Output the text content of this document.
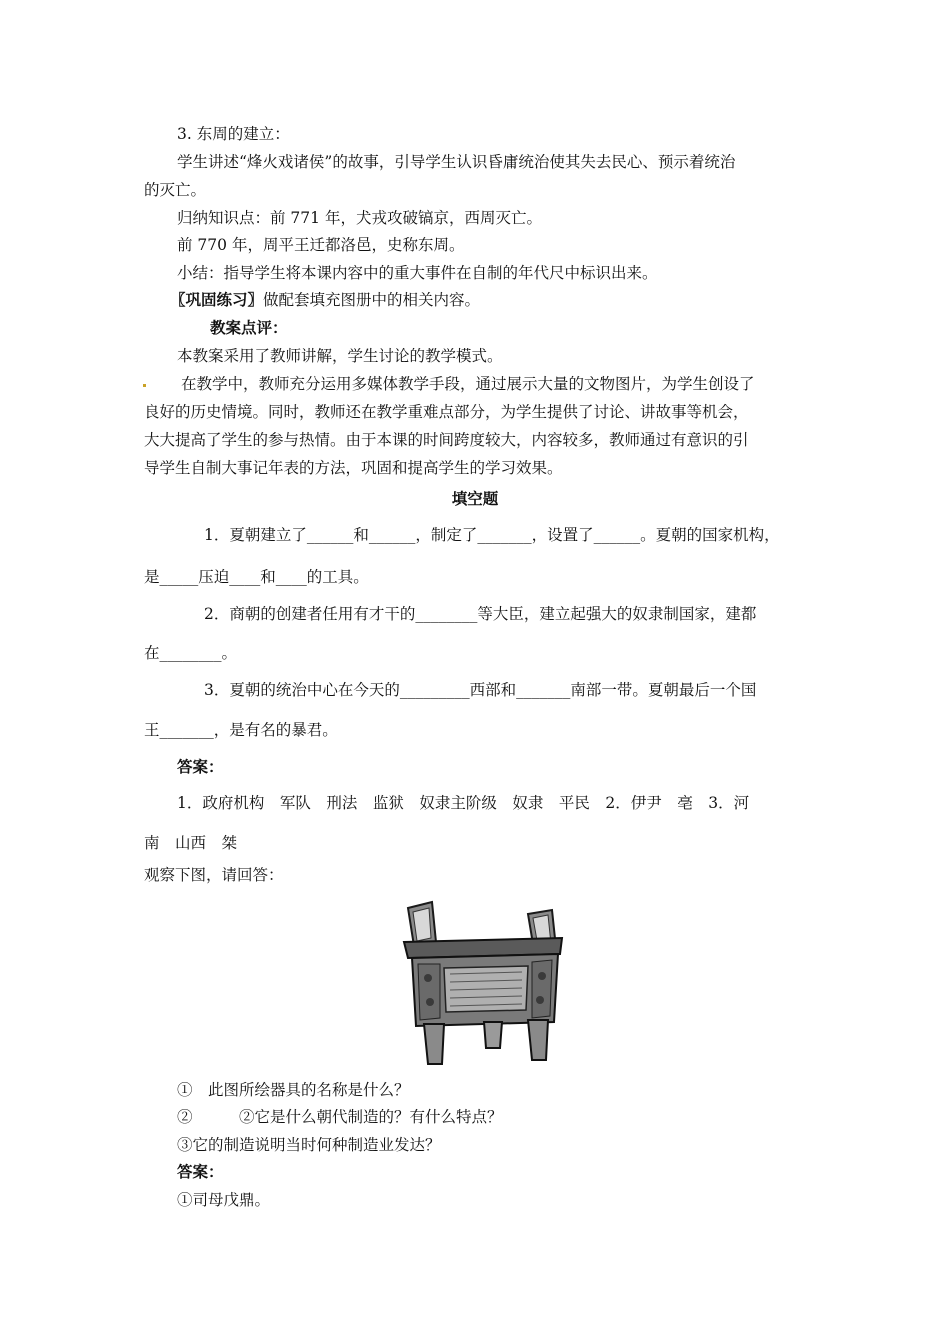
3. 东周的建立：
学生讲述“烽火戏诸侯”的故事，引导学生认识昏庸统治使其失去民心、预示着统治
的灭亡。
归纳知识点：前 771 年，犬戎攻破镐京，西周灭亡。
前 770 年，周平王迁都洛邑，史称东周。
小结：指导学生将本课内容中的重大事件在自制的年代尺中标识出来。
〖巩固练习〗做配套填充图册中的相关内容。
教案点评：
本教案采用了教师讲解，学生讨论的教学模式。
在教学中，教师充分运用多媒体教学手段，通过展示大量的文物图片，为学生创设了
良好的历史情境。同时，教师还在教学重难点部分，为学生提供了讨论、讲故事等机会，
大大提高了学生的参与热情。由于本课的时间跨度较大，内容较多，教师通过有意识的引
导学生自制大事记年表的方法，巩固和提高学生的学习效果。
填空题
1．夏朝建立了______和______，制定了_______，设置了______。夏朝的国家机构，
是_____压迫____和____的工具。
2．商朝的创建者任用有才干的________等大臣，建立起强大的奴隶制国家，建都
在________。
3．夏朝的统治中心在今天的_________西部和_______南部一带。夏朝最后一个国
王_______，是有名的暴君。
答案：
1．政府机构　军队　刑法　监狱　奴隶主阶级　奴隶　平民　2．伊尹　亳　3．河
南　山西　桀
观察下图，请回答：
①　此图所绘器具的名称是什么？
②　　　②它是什么朝代制造的？有什么特点？
③它的制造说明当时何种制造业发达？
答案：
①司母戊鼎。
